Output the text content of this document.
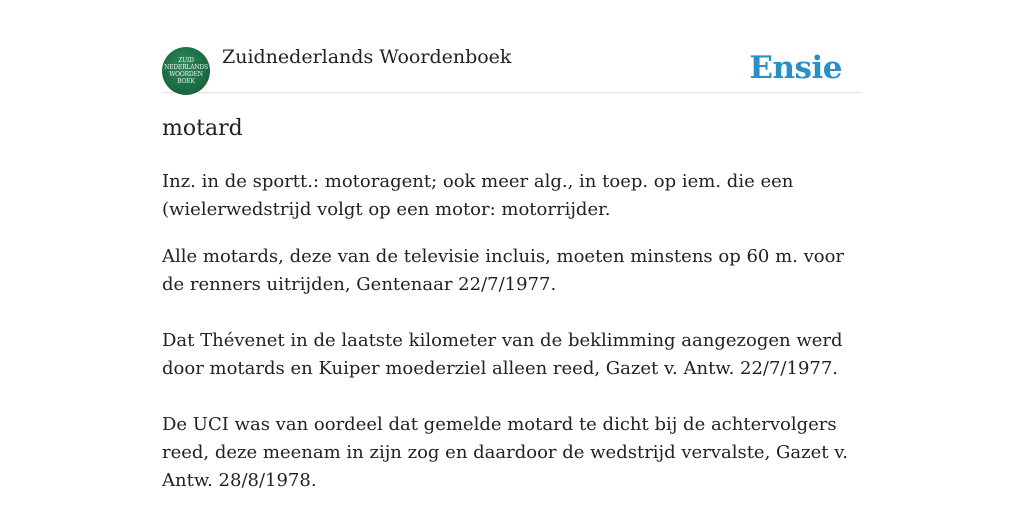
ZUID
NEDERLANDS
WOORDEN
BOEK
Zuidnederlands Woordenboek	Ensie
motard
Inz. in de sportt.: motoragent; ook meer alg., in toep. op iem. die een (wielerwedstrijd volgt op een motor: motorrijder.

Alle motards, deze van de televisie incluis, moeten minstens op 60 m. voor de renners uitrijden, Gentenaar 22/7/1977.

Dat Thévenet in de laatste kilometer van de beklimming aangezogen werd door motards en Kuiper moederziel alleen reed, Gazet v. Antw. 22/7/1977.

De UCI was van oordeel dat gemelde motard te dicht bij de achtervolgers reed, deze meenam in zijn zog en daardoor de wedstrijd vervalste, Gazet v. Antw. 28/8/1978.
